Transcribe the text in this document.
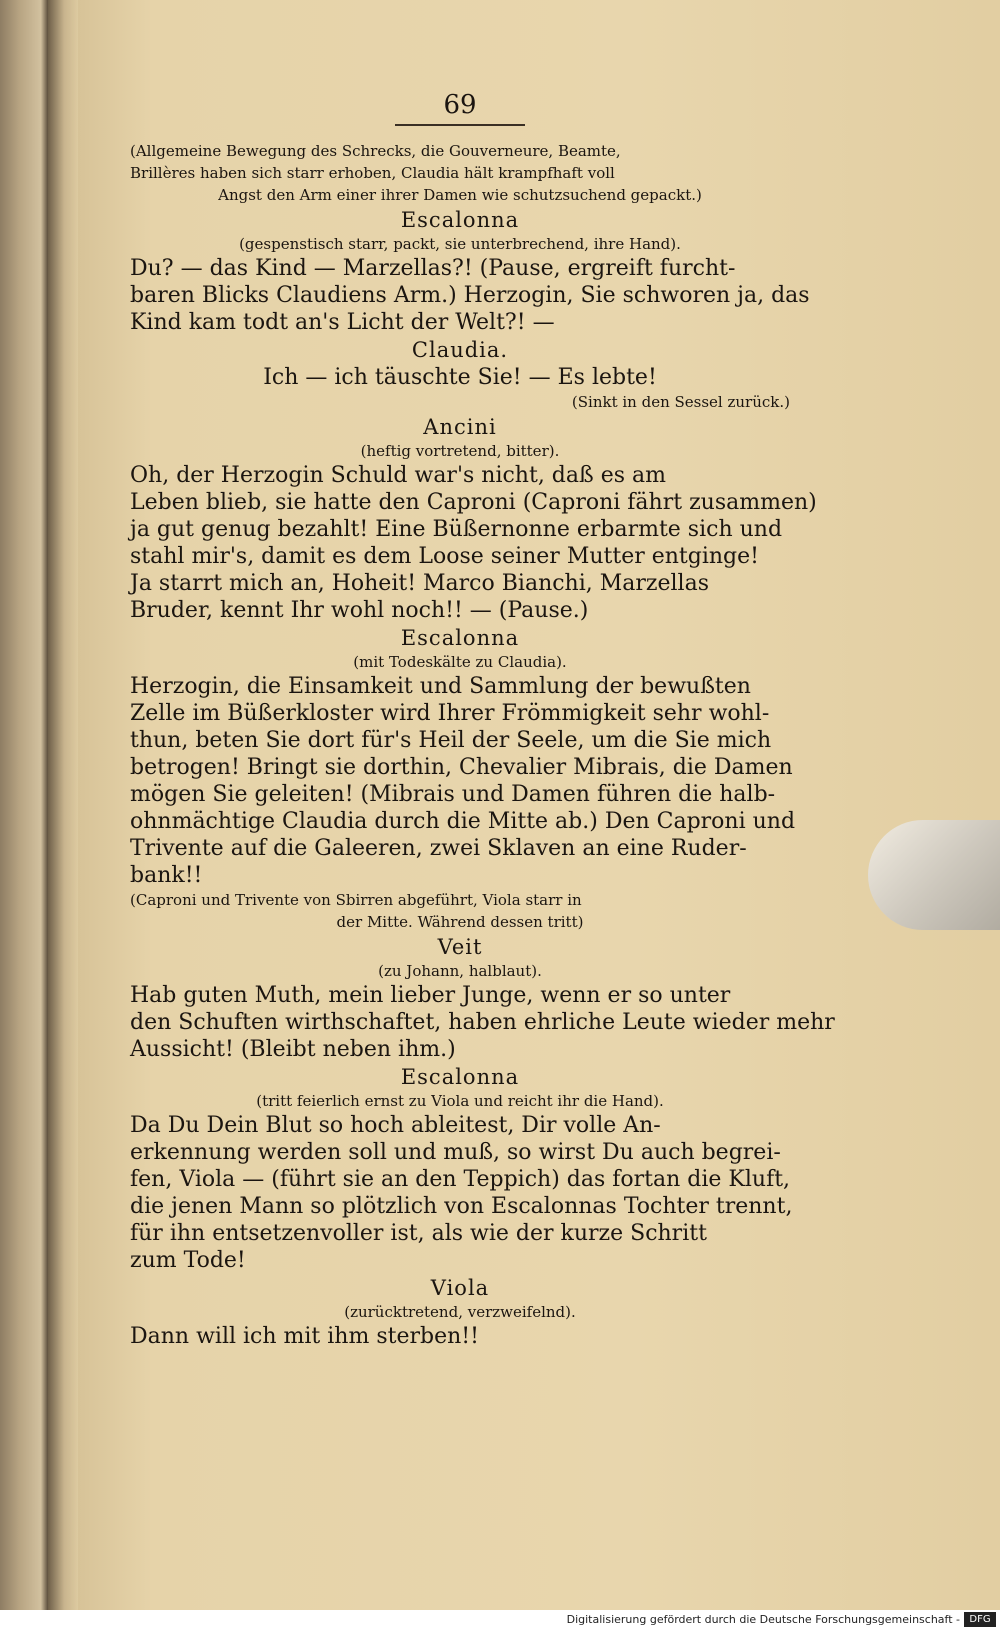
69

(Allgemeine Bewegung des Schrecks, die Gouverneure, Beamte,

Brillères haben sich starr erhoben, Claudia hält krampfhaft voll

Angst den Arm einer ihrer Damen wie schutzsuchend gepackt.)

Escalonna

(gespenstisch starr, packt, sie unterbrechend, ihre Hand).

Du? — das Kind — Marzellas?! (Pause, ergreift furcht-

baren Blicks Claudiens Arm.) Herzogin, Sie schworen ja, das

Kind kam todt an's Licht der Welt?! —

Claudia.

Ich — ich täuschte Sie! — Es lebte!

(Sinkt in den Sessel zurück.)

Ancini

(heftig vortretend, bitter).

Oh, der Herzogin Schuld war's nicht, daß es am

Leben blieb, sie hatte den Caproni (Caproni fährt zusammen)

ja gut genug bezahlt! Eine Büßernonne erbarmte sich und

stahl mir's, damit es dem Loose seiner Mutter entginge!

Ja starrt mich an, Hoheit! Marco Bianchi, Marzellas

Bruder, kennt Ihr wohl noch!! — (Pause.)

Escalonna

(mit Todeskälte zu Claudia).

Herzogin, die Einsamkeit und Sammlung der bewußten

Zelle im Büßerkloster wird Ihrer Frömmigkeit sehr wohl-

thun, beten Sie dort für's Heil der Seele, um die Sie mich

betrogen! Bringt sie dorthin, Chevalier Mibrais, die Damen

mögen Sie geleiten! (Mibrais und Damen führen die halb-

ohnmächtige Claudia durch die Mitte ab.) Den Caproni und

Trivente auf die Galeeren, zwei Sklaven an eine Ruder-

bank!!

(Caproni und Trivente von Sbirren abgeführt, Viola starr in

der Mitte. Während dessen tritt)

Veit

(zu Johann, halblaut).

Hab guten Muth, mein lieber Junge, wenn er so unter

den Schuften wirthschaftet, haben ehrliche Leute wieder mehr

Aussicht! (Bleibt neben ihm.)

Escalonna

(tritt feierlich ernst zu Viola und reicht ihr die Hand).

Da Du Dein Blut so hoch ableitest, Dir volle An-

erkennung werden soll und muß, so wirst Du auch begrei-

fen, Viola — (führt sie an den Teppich) das fortan die Kluft,

die jenen Mann so plötzlich von Escalonnas Tochter trennt,

für ihn entsetzenvoller ist, als wie der kurze Schritt

zum Tode!

Viola

(zurücktretend, verzweifelnd).

Dann will ich mit ihm sterben!!

Digitalisierung gefördert durch die Deutsche Forschungsgemeinschaft - DFG
